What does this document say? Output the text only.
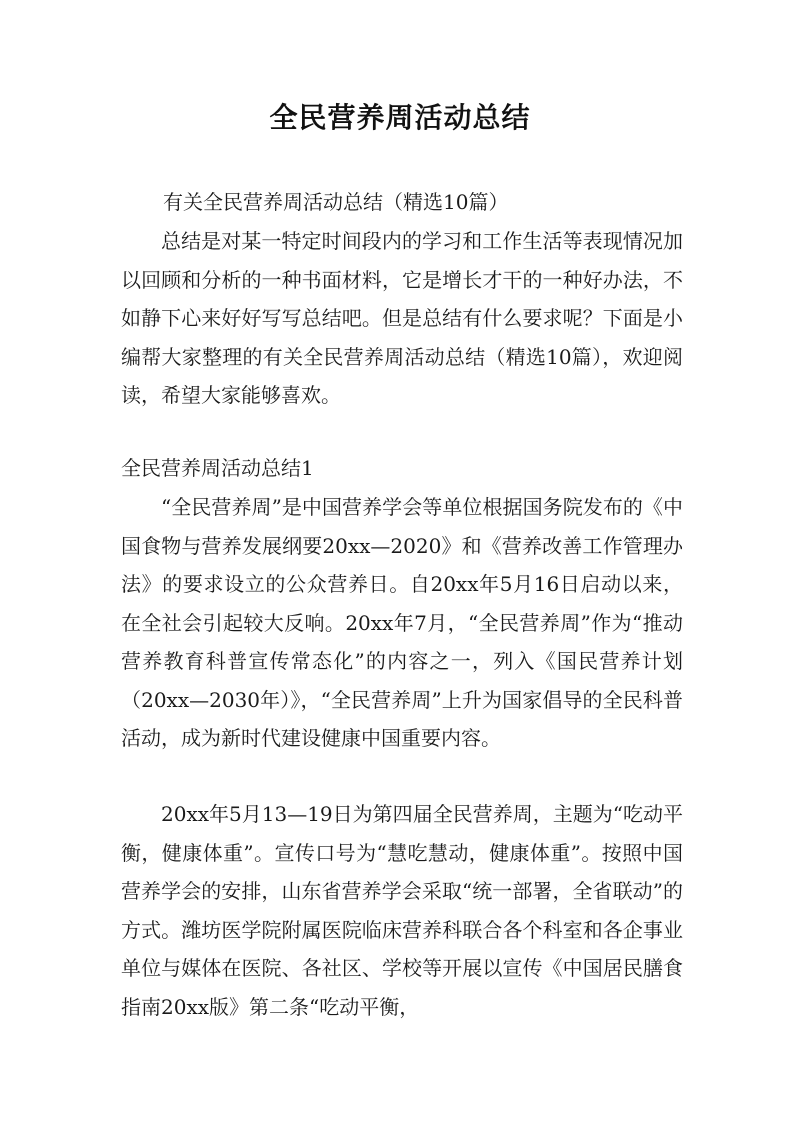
全民营养周活动总结
有关全民营养周活动总结（精选10篇）

总结是对某一特定时间段内的学习和工作生活等表现情况加以回顾和分析的一种书面材料，它是增长才干的一种好办法，不如静下心来好好写写总结吧。但是总结有什么要求呢？下面是小编帮大家整理的有关全民营养周活动总结（精选10篇），欢迎阅读，希望大家能够喜欢。

全民营养周活动总结1

“全民营养周”是中国营养学会等单位根据国务院发布的《中国食物与营养发展纲要20xx—2020》和《营养改善工作管理办法》的要求设立的公众营养日。自20xx年5月16日启动以来，在全社会引起较大反响。20xx年7月，“全民营养周”作为“推动营养教育科普宣传常态化”的内容之一，列入《国民营养计划（20xx—2030年）》，“全民营养周”上升为国家倡导的全民科普活动，成为新时代建设健康中国重要内容。

20xx年5月13—19日为第四届全民营养周，主题为“吃动平衡，健康体重”。宣传口号为“慧吃慧动，健康体重”。按照中国营养学会的安排，山东省营养学会采取“统一部署，全省联动”的方式。潍坊医学院附属医院临床营养科联合各个科室和各企事业单位与媒体在医院、各社区、学校等开展以宣传《中国居民膳食指南20xx版》第二条“吃动平衡，
